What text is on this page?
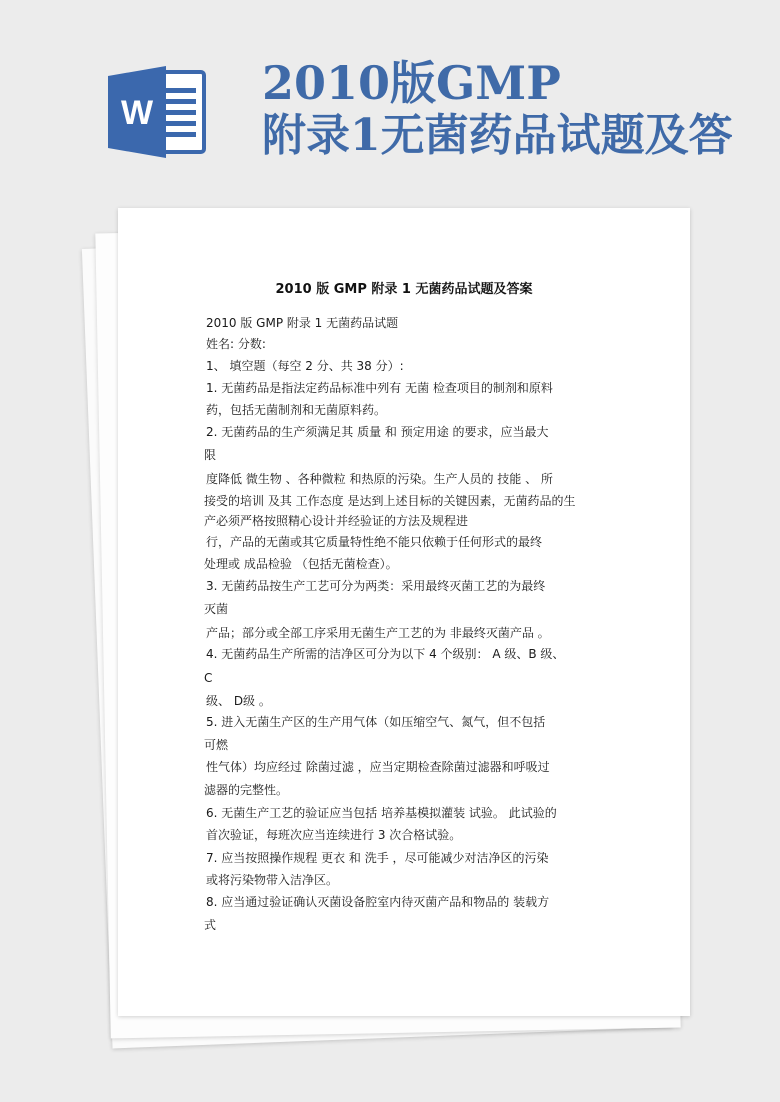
W
2010版GMP
附录1无菌药品试题及答
2010 版 GMP 附录 1 无菌药品试题及答案

2010 版 GMP 附录 1 无菌药品试题

姓名: 分数:

1、 填空题（每空 2 分、共 38 分）:

1. 无菌药品是指法定药品标准中列有 无菌 检查项目的制剂和原料

药，包括无菌制剂和无菌原料药。

2. 无菌药品的生产须满足其 质量 和 预定用途 的要求，应当最大

限

度降低 微生物 、各种微粒 和热原的污染。生产人员的 技能 、 所

接受的培训 及其 工作态度 是达到上述目标的关键因素，无菌药品的生

产必须严格按照精心设计并经验证的方法及规程进

行，产品的无菌或其它质量特性绝不能只依赖于任何形式的最终

处理或 成品检验 （包括无菌检查）。

3. 无菌药品按生产工艺可分为两类：采用最终灭菌工艺的为最终

灭菌

产品；部分或全部工序采用无菌生产工艺的为 非最终灭菌产品 。

4. 无菌药品生产所需的洁净区可分为以下 4 个级别： A 级、B 级、

C

级、 D级 。

5. 进入无菌生产区的生产用气体（如压缩空气、氮气，但不包括

可燃

性气体）均应经过 除菌过滤 ，应当定期检查除菌过滤器和呼吸过

滤器的完整性。

6. 无菌生产工艺的验证应当包括 培养基模拟灌装 试验。 此试验的

首次验证，每班次应当连续进行 3 次合格试验。

7. 应当按照操作规程 更衣 和 洗手 ，尽可能减少对洁净区的污染

或将污染物带入洁净区。

8. 应当通过验证确认灭菌设备腔室内待灭菌产品和物品的 装载方

式
